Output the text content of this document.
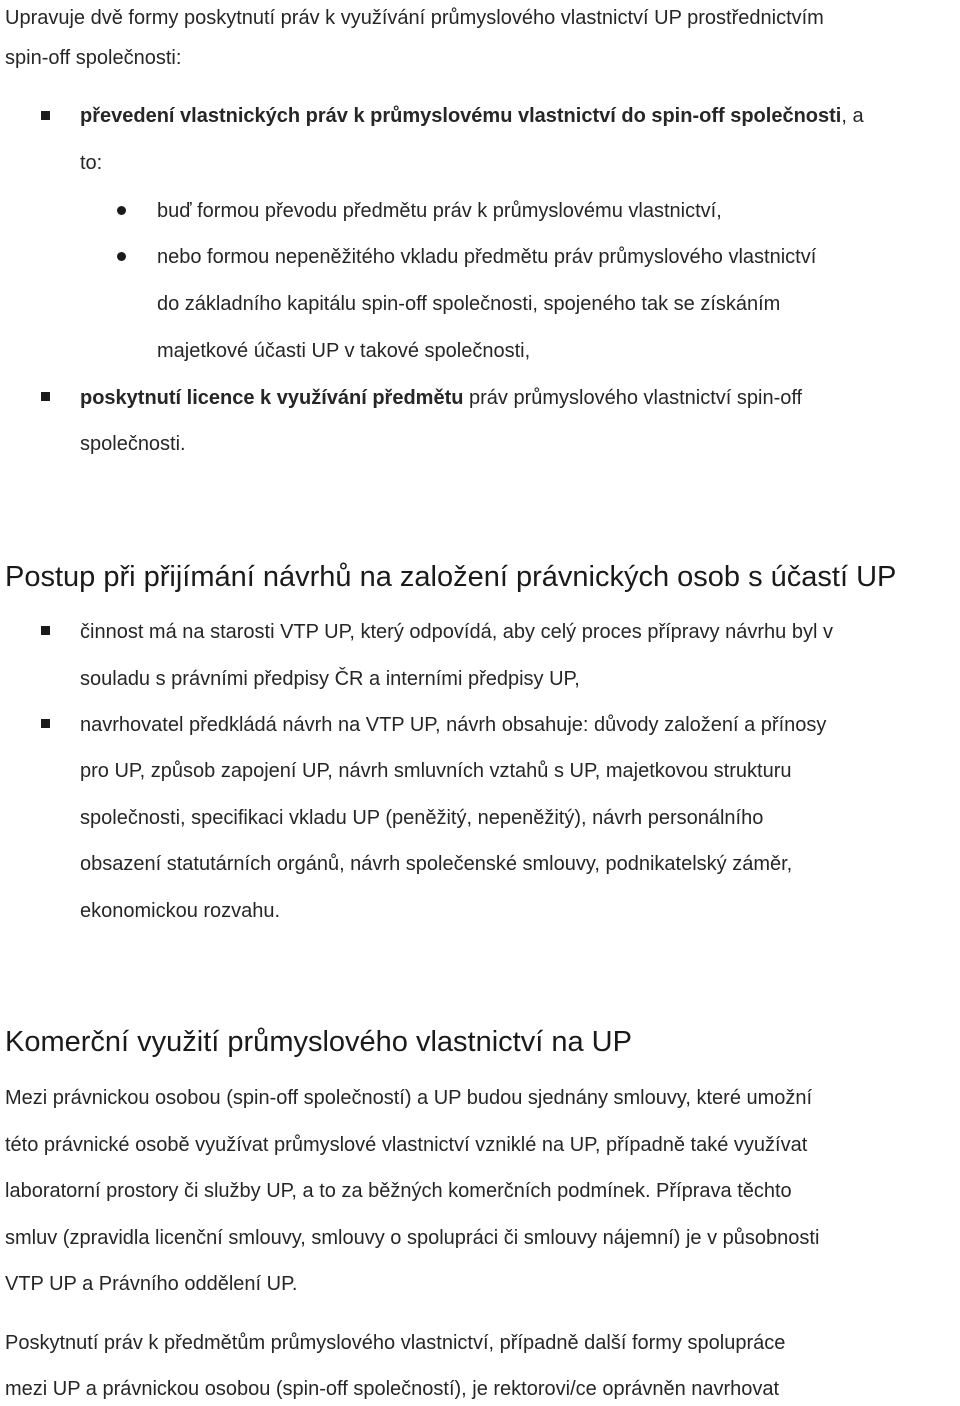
Upravuje dvě formy poskytnutí práv k využívání průmyslového vlastnictví UP prostřednictvím
spin-off společnosti:
převedení vlastnických práv k průmyslovému vlastnictví do spin-off společnosti, a
to:
buď formou převodu předmětu práv k průmyslovému vlastnictví,
nebo formou nepeněžitého vkladu předmětu práv průmyslového vlastnictví
do základního kapitálu spin-off společnosti, spojeného tak se získáním
majetkové účasti UP v takové společnosti,
poskytnutí licence k využívání předmětu práv průmyslového vlastnictví spin-off
společnosti.
Postup při přijímání návrhů na založení právnických osob s účastí UP
činnost má na starosti VTP UP, který odpovídá, aby celý proces přípravy návrhu byl v
souladu s právními předpisy ČR a interními předpisy UP,
navrhovatel předkládá návrh na VTP UP, návrh obsahuje: důvody založení a přínosy
pro UP, způsob zapojení UP, návrh smluvních vztahů s UP, majetkovou strukturu
společnosti, specifikaci vkladu UP (peněžitý, nepeněžitý), návrh personálního
obsazení statutárních orgánů, návrh společenské smlouvy, podnikatelský záměr,
ekonomickou rozvahu.
Komerční využití průmyslového vlastnictví na UP
Mezi právnickou osobou (spin-off společností) a UP budou sjednány smlouvy, které umožní
této právnické osobě využívat průmyslové vlastnictví vzniklé na UP, případně také využívat
laboratorní prostory či služby UP, a to za běžných komerčních podmínek. Příprava těchto
smluv (zpravidla licenční smlouvy, smlouvy o spolupráci či smlouvy nájemní) je v působnosti
VTP UP a Právního oddělení UP.
Poskytnutí práv k předmětům průmyslového vlastnictví, případně další formy spolupráce
mezi UP a právnickou osobou (spin-off společností), je rektorovi/ce oprávněn navrhovat
